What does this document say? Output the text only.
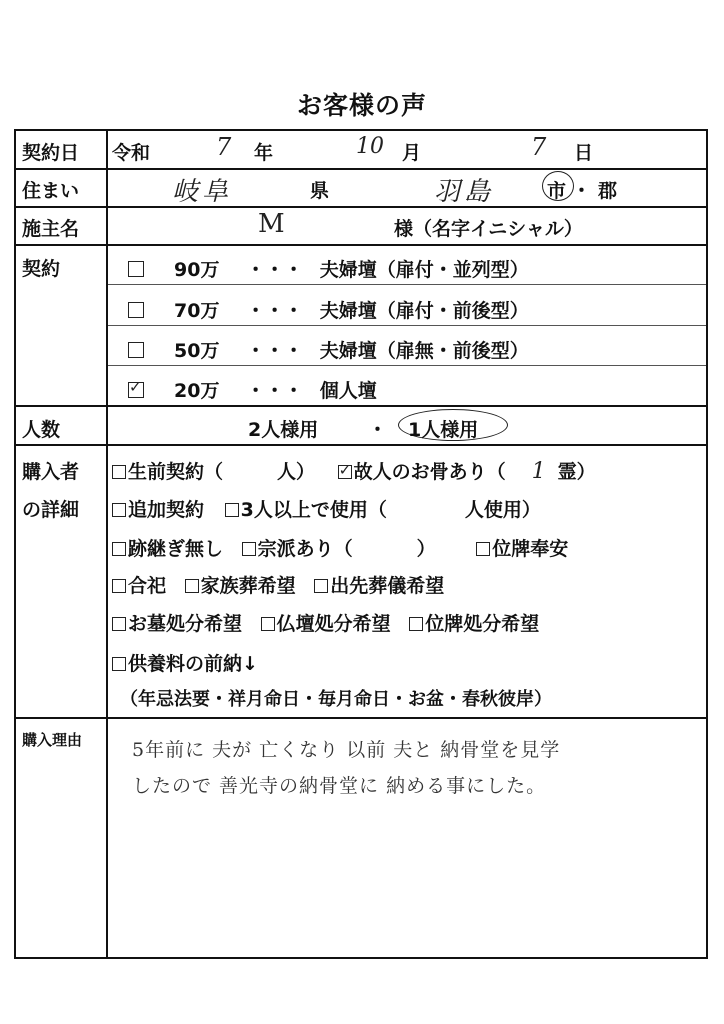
お客様の声
契約日	令和	7 年	10 月	7 日
住まい	岐阜	県	羽島	市 ・ 郡
施主名	M	様（名字イニシャル）
契約	90万 ・・・ 夫婦壇（扉付・並列型）
70万 ・・・ 夫婦壇（扉付・前後型）
50万 ・・・ 夫婦壇（扉無・前後型）
✓20万 ・・・ 個人壇
人数	2人様用	・ 1人様用
購入者
の詳細
生前契約（	人） ✓ 故人のお骨あり（ 1 霊）
追加契約 3人以上で使用（	人使用）
跡継ぎ無し 宗派あり（	）	位牌奉安
合祀 家族葬希望 出先葬儀希望
お墓処分希望 仏壇処分希望 位牌処分希望
供養料の前納↓
（年忌法要・祥月命日・毎月命日・お盆・春秋彼岸）
購入理由	5年前に 夫が 亡くなり 以前 夫と 納骨堂を見学
したので 善光寺の納骨堂に 納める事にした。
